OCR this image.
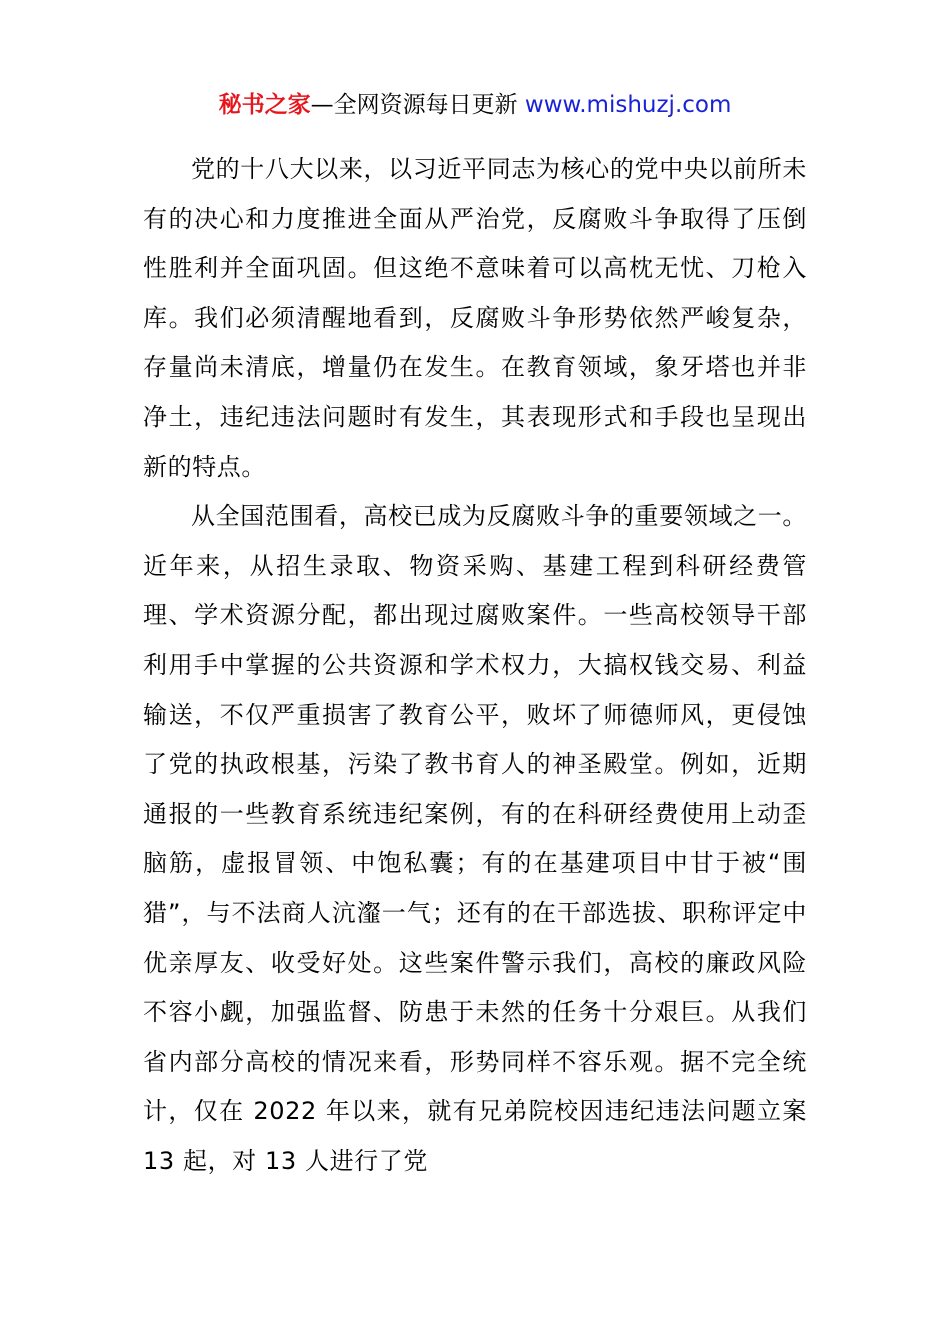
秘书之家—全网资源每日更新 www.mishuzj.com

党的十八大以来，以习近平同志为核心的党中央以前所未有的决心和力度推进全面从严治党，反腐败斗争取得了压倒性胜利并全面巩固。但这绝不意味着可以高枕无忧、刀枪入库。我们必须清醒地看到，反腐败斗争形势依然严峻复杂，存量尚未清底，增量仍在发生。在教育领域，象牙塔也并非净土，违纪违法问题时有发生，其表现形式和手段也呈现出新的特点。

从全国范围看，高校已成为反腐败斗争的重要领域之一。近年来，从招生录取、物资采购、基建工程到科研经费管理、学术资源分配，都出现过腐败案件。一些高校领导干部利用手中掌握的公共资源和学术权力，大搞权钱交易、利益输送，不仅严重损害了教育公平，败坏了师德师风，更侵蚀了党的执政根基，污染了教书育人的神圣殿堂。例如，近期通报的一些教育系统违纪案例，有的在科研经费使用上动歪脑筋，虚报冒领、中饱私囊；有的在基建项目中甘于被“围猎”，与不法商人沆瀣一气；还有的在干部选拔、职称评定中优亲厚友、收受好处。这些案件警示我们，高校的廉政风险不容小觑，加强监督、防患于未然的任务十分艰巨。从我们省内部分高校的情况来看，形势同样不容乐观。据不完全统计，仅在 2022 年以来，就有兄弟院校因违纪违法问题立案 13 起，对 13 人进行了党
